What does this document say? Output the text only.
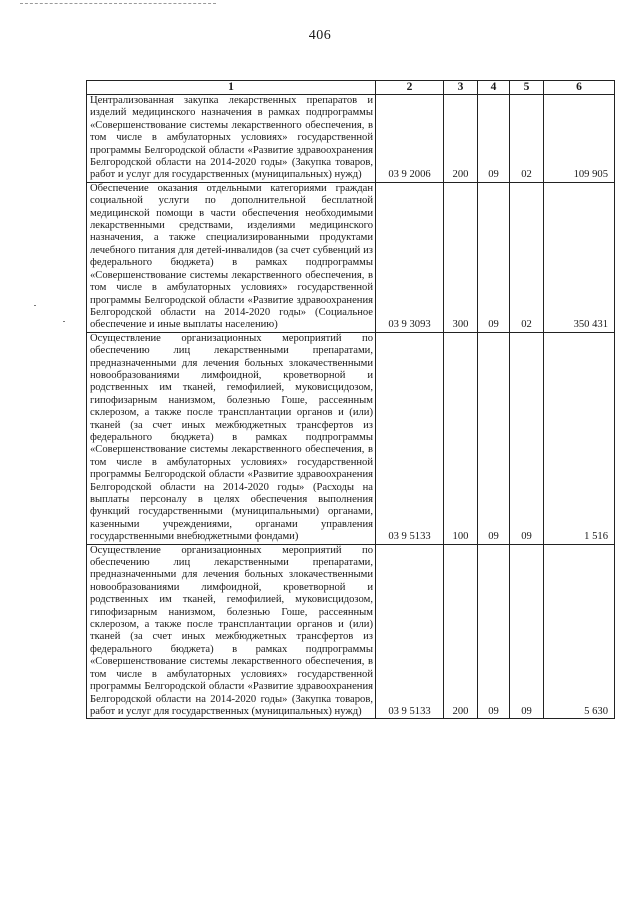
406
1	2	3	4	5	6
Централизованная закупка лекарственных препаратов и изделий медицинского назначения в рамках подпрограммы «Совершенствование системы лекарственного обеспечения, в том числе в амбулаторных условиях» государственной программы Белгородской области «Развитие здравоохранения Белгородской области на 2014-2020 годы» (Закупка товаров, работ и услуг для государственных (муниципальных) нужд)	03 9 2006	200	09	02	109 905
Обеспечение оказания отдельными категориями граждан социальной услуги по дополнительной бесплатной медицинской помощи в части обеспечения необходимыми лекарственными средствами, изделиями медицинского назначения, а также специализированными продуктами лечебного питания для детей-инвалидов (за счет субвенций из федерального бюджета) в рамках подпрограммы «Совершенствование системы лекарственного обеспечения, в том числе в амбулаторных условиях» государственной программы Белгородской области «Развитие здравоохранения Белгородской области на 2014-2020 годы» (Социальное обеспечение и иные выплаты населению)	03 9 3093	300	09	02	350 431
Осуществление организационных мероприятий по обеспечению лиц лекарственными препаратами, предназначенными для лечения больных злокачественными новообразованиями лимфоидной, кроветворной и родственных им тканей, гемофилией, муковисцидозом, гипофизарным нанизмом, болезнью Гоше, рассеянным склерозом, а также после трансплантации органов и (или) тканей (за счет иных межбюджетных трансфертов из федерального бюджета) в рамках подпрограммы «Совершенствование системы лекарственного обеспечения, в том числе в амбулаторных условиях» государственной программы Белгородской области «Развитие здравоохранения Белгородской области на 2014-2020 годы» (Расходы на выплаты персоналу в целях обеспечения выполнения функций государственными (муниципальными) органами, казенными учреждениями, органами управления государственными внебюджетными фондами)	03 9 5133	100	09	09	1 516
Осуществление организационных мероприятий по обеспечению лиц лекарственными препаратами, предназначенными для лечения больных злокачественными новообразованиями лимфоидной, кроветворной и родственных им тканей, гемофилией, муковисцидозом, гипофизарным нанизмом, болезнью Гоше, рассеянным склерозом, а также после трансплантации органов и (или) тканей (за счет иных межбюджетных трансфертов из федерального бюджета) в рамках подпрограммы «Совершенствование системы лекарственного обеспечения, в том числе в амбулаторных условиях» государственной программы Белгородской области «Развитие здравоохранения Белгородской области на 2014-2020 годы» (Закупка товаров, работ и услуг для государственных (муниципальных) нужд)	03 9 5133	200	09	09	5 630
